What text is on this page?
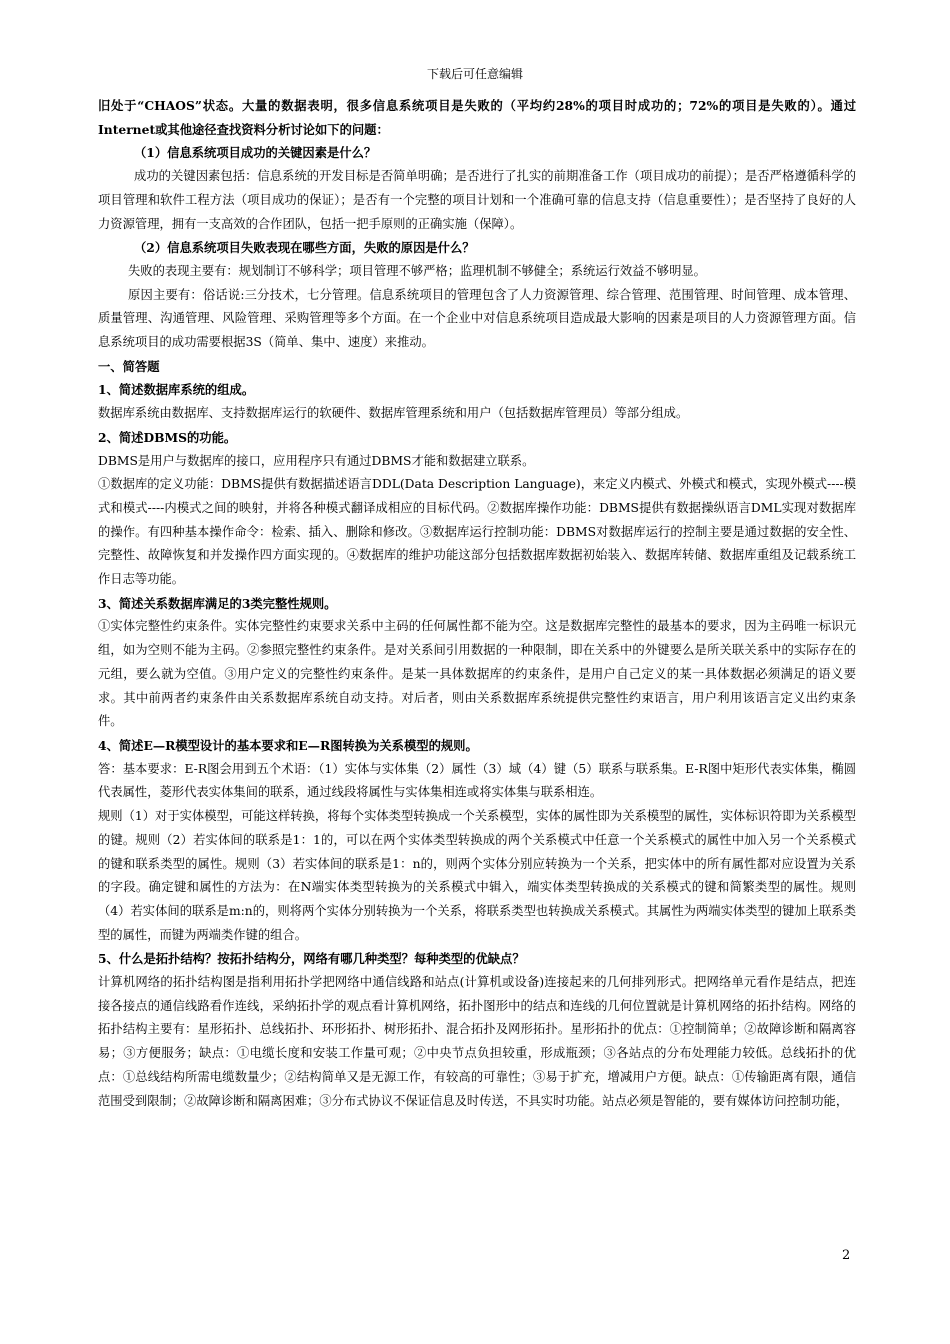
下载后可任意编辑

旧处于“CHAOS”状态。大量的数据表明，很多信息系统项目是失败的（平均约28%的项目时成功的；72%的项目是失败的）。通过Internet或其他途径查找资料分析讨论如下的问题：

（1）信息系统项目成功的关键因素是什么？

成功的关键因素包括：信息系统的开发目标是否简单明确；是否进行了扎实的前期准备工作（项目成功的前提）；是否严格遵循科学的项目管理和软件工程方法（项目成功的保证）；是否有一个完整的项目计划和一个准确可靠的信息支持（信息重要性）；是否坚持了良好的人力资源管理，拥有一支高效的合作团队，包括一把手原则的正确实施（保障）。

（2）信息系统项目失败表现在哪些方面，失败的原因是什么？

失败的表现主要有：规划制订不够科学；项目管理不够严格；监理机制不够健全；系统运行效益不够明显。

原因主要有：俗话说:三分技术，七分管理。信息系统项目的管理包含了人力资源管理、综合管理、范围管理、时间管理、成本管理、质量管理、沟通管理、风险管理、采购管理等多个方面。在一个企业中对信息系统项目造成最大影响的因素是项目的人力资源管理方面。信息系统项目的成功需要根据3S（简单、集中、速度）来推动。

一、简答题

1、简述数据库系统的组成。

数据库系统由数据库、支持数据库运行的软硬件、数据库管理系统和用户（包括数据库管理员）等部分组成。

2、简述DBMS的功能。

DBMS是用户与数据库的接口，应用程序只有通过DBMS才能和数据建立联系。

①数据库的定义功能：DBMS提供有数据描述语言DDL(Data Description Language)，来定义内模式、外模式和模式，实现外模式----模式和模式----内模式之间的映射，并将各种模式翻译成相应的目标代码。②数据库操作功能：DBMS提供有数据操纵语言DML实现对数据库的操作。有四种基本操作命令：检索、插入、删除和修改。③数据库运行控制功能：DBMS对数据库运行的控制主要是通过数据的安全性、完整性、故障恢复和并发操作四方面实现的。④数据库的维护功能这部分包括数据库数据初始装入、数据库转储、数据库重组及记载系统工作日志等功能。

3、简述关系数据库满足的3类完整性规则。

①实体完整性约束条件。实体完整性约束要求关系中主码的任何属性都不能为空。这是数据库完整性的最基本的要求，因为主码唯一标识元组，如为空则不能为主码。②参照完整性约束条件。是对关系间引用数据的一种限制，即在关系中的外键要么是所关联关系中的实际存在的元组，要么就为空值。③用户定义的完整性约束条件。是某一具体数据库的约束条件，是用户自己定义的某一具体数据必须满足的语义要求。其中前两者约束条件由关系数据库系统自动支持。对后者，则由关系数据库系统提供完整性约束语言，用户利用该语言定义出约束条件。

4、简述E—R模型设计的基本要求和E—R图转换为关系模型的规则。

答：基本要求：E-R图会用到五个术语：（1）实体与实体集（2）属性（3）域（4）键（5）联系与联系集。E-R图中矩形代表实体集，椭圆代表属性，菱形代表实体集间的联系，通过线段将属性与实体集相连或将实体集与联系相连。

规则（1）对于实体模型，可能这样转换，将每个实体类型转换成一个关系模型，实体的属性即为关系模型的属性，实体标识符即为关系模型的键。规则（2）若实体间的联系是1：1的，可以在两个实体类型转换成的两个关系模式中任意一个关系模式的属性中加入另一个关系模式的键和联系类型的属性。规则（3）若实体间的联系是1：n的，则两个实体分别应转换为一个关系，把实体中的所有属性都对应设置为关系的字段。确定键和属性的方法为：在N端实体类型转换为的关系模式中辑入，端实体类型转换成的关系模式的键和简繁类型的属性。规则（4）若实体间的联系是m:n的，则将两个实体分别转换为一个关系，将联系类型也转换成关系模式。其属性为两端实体类型的键加上联系类型的属性，而键为两端类作键的组合。

5、什么是拓扑结构？按拓扑结构分，网络有哪几种类型？每种类型的优缺点？

计算机网络的拓扑结构图是指利用拓扑学把网络中通信线路和站点(计算机或设备)连接起来的几何排列形式。把网络单元看作是结点，把连接各接点的通信线路看作连线，采纳拓扑学的观点看计算机网络，拓扑图形中的结点和连线的几何位置就是计算机网络的拓扑结构。网络的拓扑结构主要有：星形拓扑、总线拓扑、环形拓扑、树形拓扑、混合拓扑及网形拓扑。星形拓扑的优点：①控制简单；②故障诊断和隔离容易；③方便服务；缺点：①电缆长度和安装工作量可观；②中央节点负担较重，形成瓶颈；③各站点的分布处理能力较低。总线拓扑的优点：①总线结构所需电缆数量少；②结构简单又是无源工作，有较高的可靠性；③易于扩充，增减用户方便。缺点：①传输距离有限，通信范围受到限制；②故障诊断和隔离困难；③分布式协议不保证信息及时传送，不具实时功能。站点必须是智能的，要有媒体访问控制功能，

2
